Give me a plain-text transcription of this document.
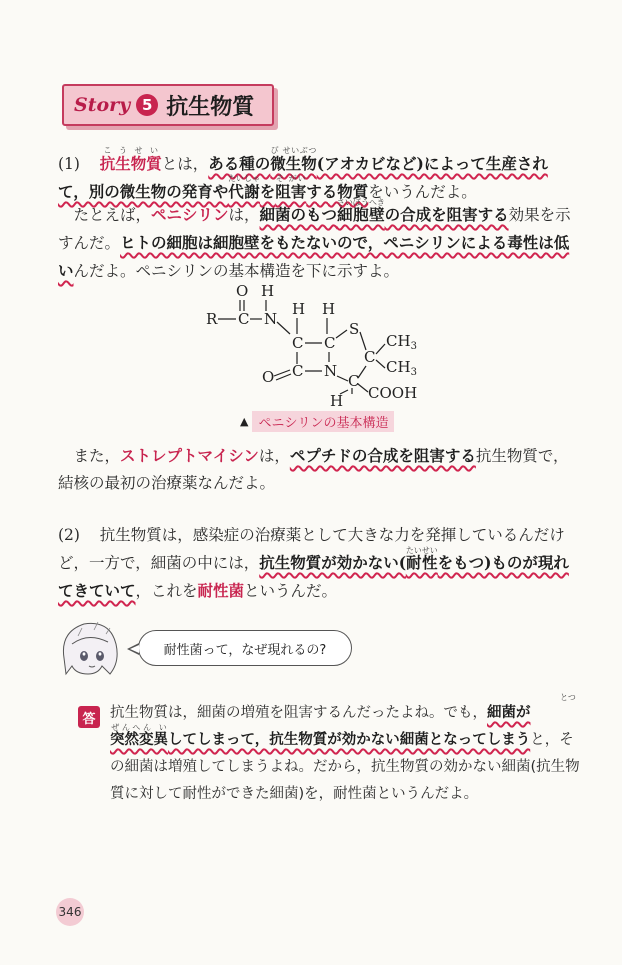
Story 5 抗生物質
(1) 抗生物質こうせいとは，ある種の微生物び せいぶつ(アオカビなど)によって生産されて，別の微生物の発育や代謝たいしゃを阻害そ がいする物質をいうんだよ。
たとえば，ペニシリンは，細菌のもつ細胞壁さいぼうへきの合成を阻害する効果を示すんだ。ヒトの細胞は細胞壁をもたないので，ペニシリンによる毒性は低いんだよ。ペニシリンの基本構造を下に示すよ。
O H
R C N
H H
C C
S
$CH_3$
C
$CH_3$
O C N
C
H COOH
▲ ペニシリンの基本構造
また，ストレプトマイシンは，ペプチドの合成を阻害する抗生物質で，結核の最初の治療薬なんだよ。
(2) 抗生物質は，感染症の治療薬として大きな力を発揮しているんだけど，一方で，細菌の中には，抗生物質が効かない(耐性たいせいをもつ)ものが現れてきていて，これを耐性菌というんだ。
耐性菌って，なぜ現れるの?
答	抗生物質は，細菌の増殖を阻害するんだったよね。でも，細菌が突然変異ぜんへん いしてしまって，抗生物質が効かない細菌となってしまうと，その細菌は増殖してしまうよね。だから，抗生物質の効かない細菌(抗生物質に対して耐性ができた細菌)を，耐性菌というんだよ。
とつ
346
